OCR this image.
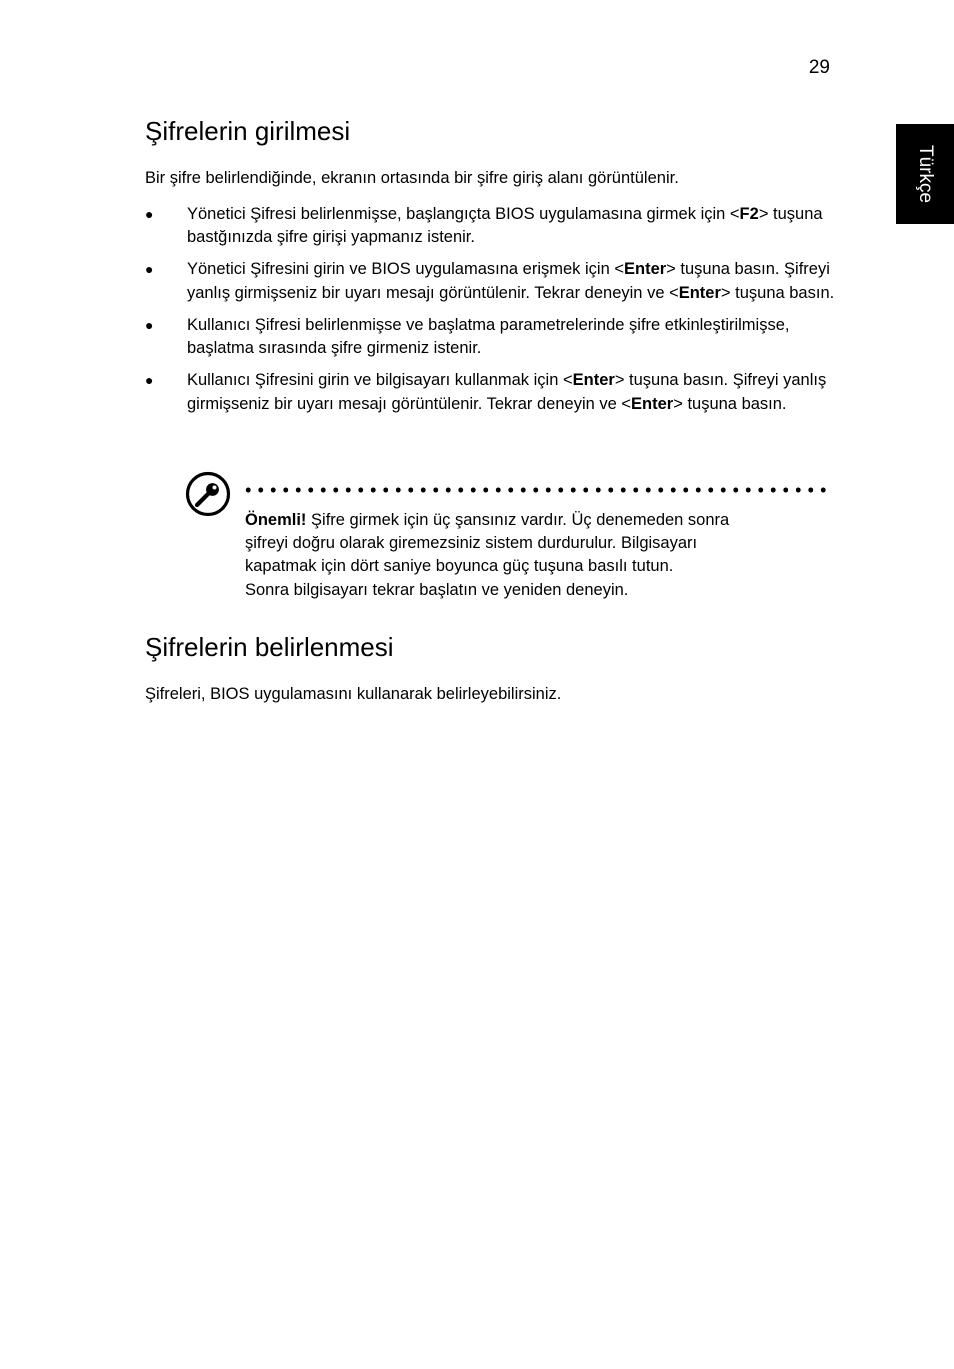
29
Türkçe
Şifrelerin girilmesi

Bir şifre belirlendiğinde, ekranın ortasında bir şifre giriş alanı görüntülenir.

● Yönetici Şifresi belirlenmişse, başlangıçta BIOS uygulamasına girmek için <F2> tuşuna bastğınızda şifre girişi yapmanız istenir.
● Yönetici Şifresini girin ve BIOS uygulamasına erişmek için <Enter> tuşuna basın. Şifreyi yanlış girmişseniz bir uyarı mesajı görüntülenir. Tekrar deneyin ve <Enter> tuşuna basın.
● Kullanıcı Şifresi belirlenmişse ve başlatma parametrelerinde şifre etkinleştirilmişse, başlatma sırasında şifre girmeniz istenir.
● Kullanıcı Şifresini girin ve bilgisayarı kullanmak için <Enter> tuşuna basın. Şifreyi yanlış girmişseniz bir uyarı mesajı görüntülenir. Tekrar deneyin ve <Enter> tuşuna basın.

Önemli! Şifre girmek için üç şansınız vardır. Üç denemeden sonra
şifreyi doğru olarak giremezsiniz sistem durdurulur. Bilgisayarı
kapatmak için dört saniye boyunca güç tuşuna basılı tutun.
Sonra bilgisayarı tekrar başlatın ve yeniden deneyin.

Şifrelerin belirlenmesi

Şifreleri, BIOS uygulamasını kullanarak belirleyebilirsiniz.
